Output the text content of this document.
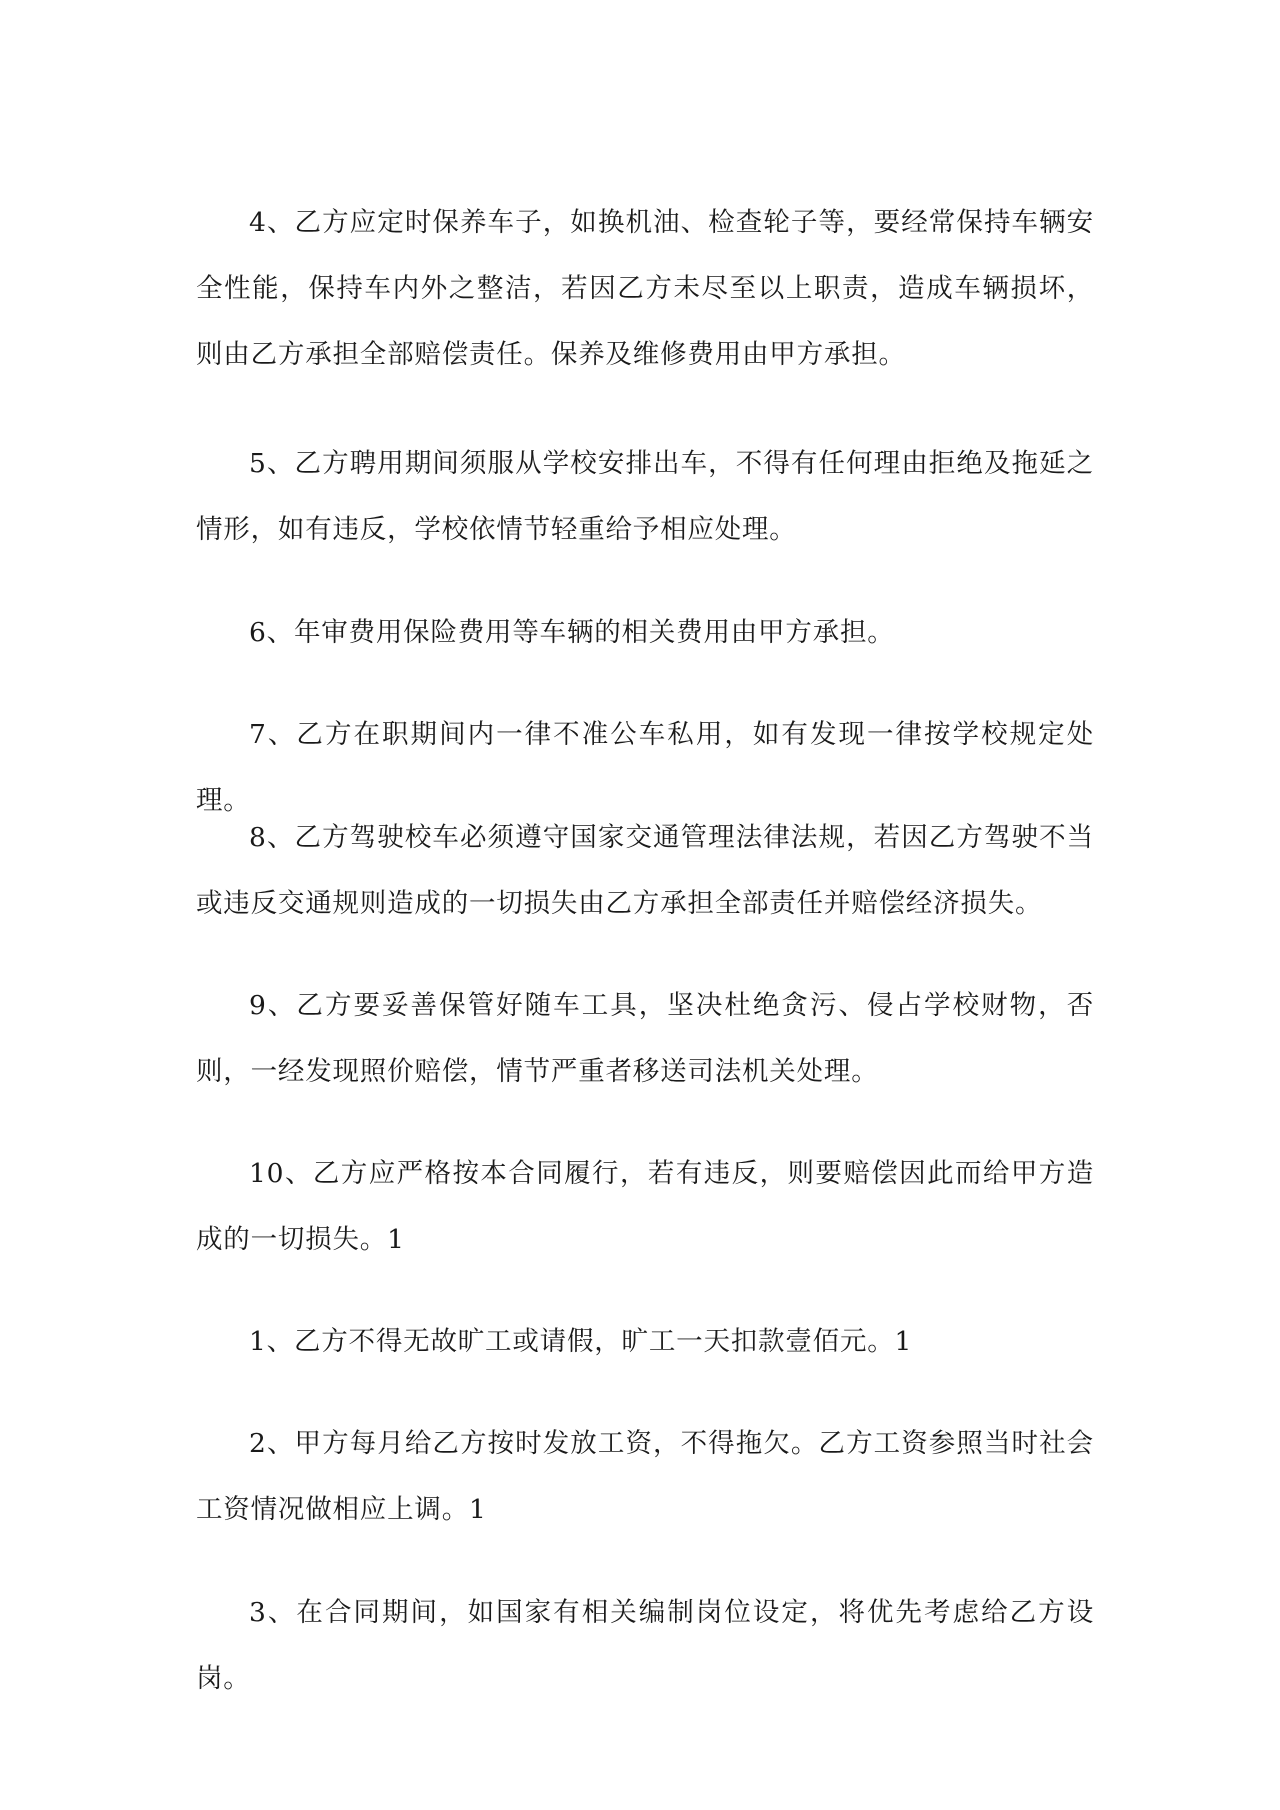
4、乙方应定时保养车子，如换机油、检查轮子等，要经常保持车辆安全性能，保持车内外之整洁，若因乙方未尽至以上职责，造成车辆损坏，则由乙方承担全部赔偿责任。保养及维修费用由甲方承担。

5、乙方聘用期间须服从学校安排出车，不得有任何理由拒绝及拖延之情形，如有违反，学校依情节轻重给予相应处理。

6、年审费用保险费用等车辆的相关费用由甲方承担。

7、乙方在职期间内一律不准公车私用，如有发现一律按学校规定处理。

8、乙方驾驶校车必须遵守国家交通管理法律法规，若因乙方驾驶不当或违反交通规则造成的一切损失由乙方承担全部责任并赔偿经济损失。

9、乙方要妥善保管好随车工具，坚决杜绝贪污、侵占学校财物，否则，一经发现照价赔偿，情节严重者移送司法机关处理。

10、乙方应严格按本合同履行，若有违反，则要赔偿因此而给甲方造成的一切损失。1

1、乙方不得无故旷工或请假，旷工一天扣款壹佰元。1

2、甲方每月给乙方按时发放工资，不得拖欠。乙方工资参照当时社会工资情况做相应上调。1

3、在合同期间，如国家有相关编制岗位设定，将优先考虑给乙方设岗。
